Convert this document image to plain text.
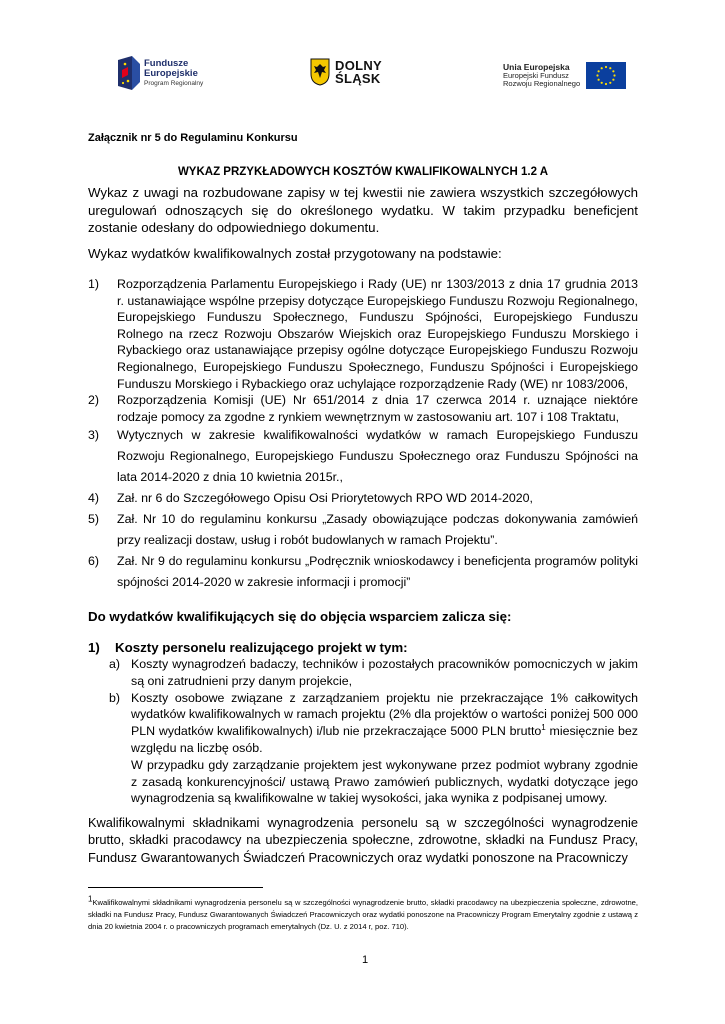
Fundusze
Europejskie
Program Regionalny
DOLNY
ŚLĄSK
Unia Europejska
Europejski Fundusz
Rozwoju Regionalnego
Załącznik nr 5 do Regulaminu Konkursu
WYKAZ PRZYKŁADOWYCH KOSZTÓW KWALIFIKOWALNYCH 1.2 A
Wykaz z uwagi na rozbudowane zapisy w tej kwestii nie zawiera wszystkich szczegółowych uregulowań odnoszących się do określonego wydatku. W takim przypadku beneficjent zostanie odesłany do odpowiedniego dokumentu.
Wykaz wydatków kwalifikowalnych został przygotowany na podstawie:
1) Rozporządzenia Parlamentu Europejskiego i Rady (UE) nr 1303/2013 z dnia 17 grudnia 2013 r. ustanawiające wspólne przepisy dotyczące Europejskiego Funduszu Rozwoju Regionalnego, Europejskiego Funduszu Społecznego, Funduszu Spójności, Europejskiego Funduszu Rolnego na rzecz Rozwoju Obszarów Wiejskich oraz Europejskiego Funduszu Morskiego i Rybackiego oraz ustanawiające przepisy ogólne dotyczące Europejskiego Funduszu Rozwoju Regionalnego, Europejskiego Funduszu Społecznego, Funduszu Spójności i Europejskiego Funduszu Morskiego i Rybackiego oraz uchylające rozporządzenie Rady (WE) nr 1083/2006,
2) Rozporządzenia Komisji (UE) Nr 651/2014 z dnia 17 czerwca 2014 r. uznające niektóre rodzaje pomocy za zgodne z rynkiem wewnętrznym w zastosowaniu art. 107 i 108 Traktatu,
3) Wytycznych w zakresie kwalifikowalności wydatków w ramach Europejskiego Funduszu Rozwoju Regionalnego, Europejskiego Funduszu Społecznego oraz Funduszu Spójności na lata 2014-2020 z dnia 10 kwietnia 2015r.,
4) Zał. nr 6 do Szczegółowego Opisu Osi Priorytetowych RPO WD 2014-2020,
5) Zał. Nr 10 do regulaminu konkursu „Zasady obowiązujące podczas dokonywania zamówień przy realizacji dostaw, usług i robót budowlanych w ramach Projektu”.
6) Zał. Nr 9 do regulaminu konkursu „Podręcznik wnioskodawcy i beneficjenta programów polityki spójności 2014-2020 w zakresie informacji i promocji”
Do wydatków kwalifikujących się do objęcia wsparciem zalicza się:
1) Koszty personelu realizującego projekt w tym:
a) Koszty wynagrodzeń badaczy, techników i pozostałych pracowników pomocniczych w jakim są oni zatrudnieni przy danym projekcie,
b) Koszty osobowe związane z zarządzaniem projektu nie przekraczające 1% całkowitych wydatków kwalifikowalnych w ramach projektu (2% dla projektów o wartości poniżej 500 000 PLN wydatków kwalifikowalnych) i/lub nie przekraczające 5000 PLN brutto$^1$ miesięcznie bez względu na liczbę osób.
W przypadku gdy zarządzanie projektem jest wykonywane przez podmiot wybrany zgodnie z zasadą konkurencyjności/ ustawą Prawo zamówień publicznych, wydatki dotyczące jego wynagrodzenia są kwalifikowalne w takiej wysokości, jaka wynika z podpisanej umowy.
Kwalifikowalnymi składnikami wynagrodzenia personelu są w szczególności wynagrodzenie brutto, składki pracodawcy na ubezpieczenia społeczne, zdrowotne, składki na Fundusz Pracy, Fundusz Gwarantowanych Świadczeń Pracowniczych oraz wydatki ponoszone na Pracowniczy
$^1$Kwalifikowalnymi składnikami wynagrodzenia personelu są w szczególności wynagrodzenie brutto, składki pracodawcy na ubezpieczenia społeczne, zdrowotne, składki na Fundusz Pracy, Fundusz Gwarantowanych Świadczeń Pracowniczych oraz wydatki ponoszone na Pracowniczy Program Emerytalny zgodnie z ustawą z dnia 20 kwietnia 2004 r. o pracowniczych programach emerytalnych (Dz. U. z 2014 r, poz. 710).
1
